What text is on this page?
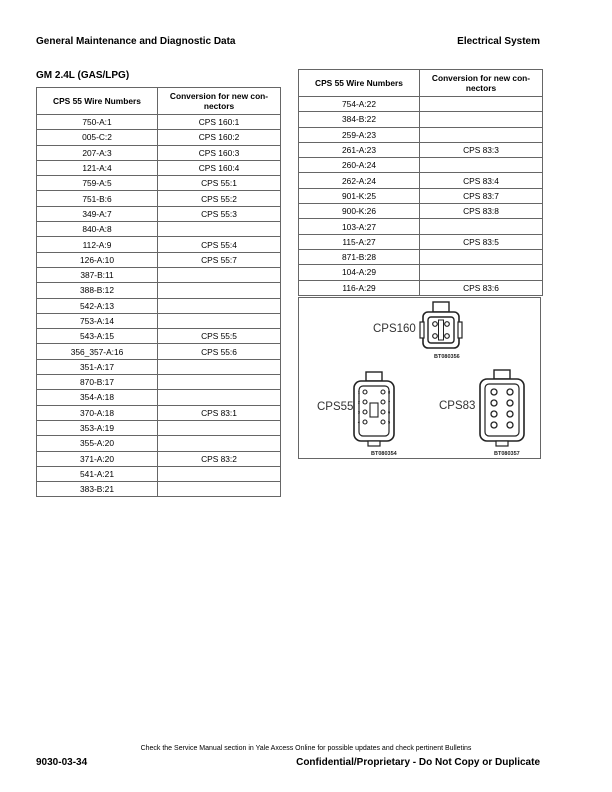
General Maintenance and Diagnostic Data	Electrical System
GM 2.4L (GAS/LPG)
CPS 55 Wire Numbers	Conversion for new con-nectors
750-A:1	CPS 160:1
005-C:2	CPS 160:2
207-A:3	CPS 160:3
121-A:4	CPS 160:4
759-A:5	CPS 55:1
751-B:6	CPS 55:2
349-A:7	CPS 55:3
840-A:8	
112-A:9	CPS 55:4
126-A:10	CPS 55:7
387-B:11	
388-B:12	
542-A:13	
753-A:14	
543-A:15	CPS 55:5
356_357-A:16	CPS 55:6
351-A:17	
870-B:17	
354-A:18	
370-A:18	CPS 83:1
353-A:19	
355-A:20	
371-A:20	CPS 83:2
541-A:21	
383-B:21	
CPS 55 Wire Numbers	Conversion for new con-nectors
754-A:22	
384-B:22	
259-A:23	
261-A:23	CPS 83:3
260-A:24	
262-A:24	CPS 83:4
901-K:25	CPS 83:7
900-K:26	CPS 83:8
103-A:27	
115-A:27	CPS 83:5
871-B:28	
104-A:29	
116-A:29	CPS 83:6
CPS160
BT080356
CPS55
1
2
3
4
8
7
6
5
BT080354
CPS83
BT080357
Check the Service Manual section in Yale Axcess Online for possible updates and check pertinent Bulletins
9030-03-34	Confidential/Proprietary - Do Not Copy or Duplicate
